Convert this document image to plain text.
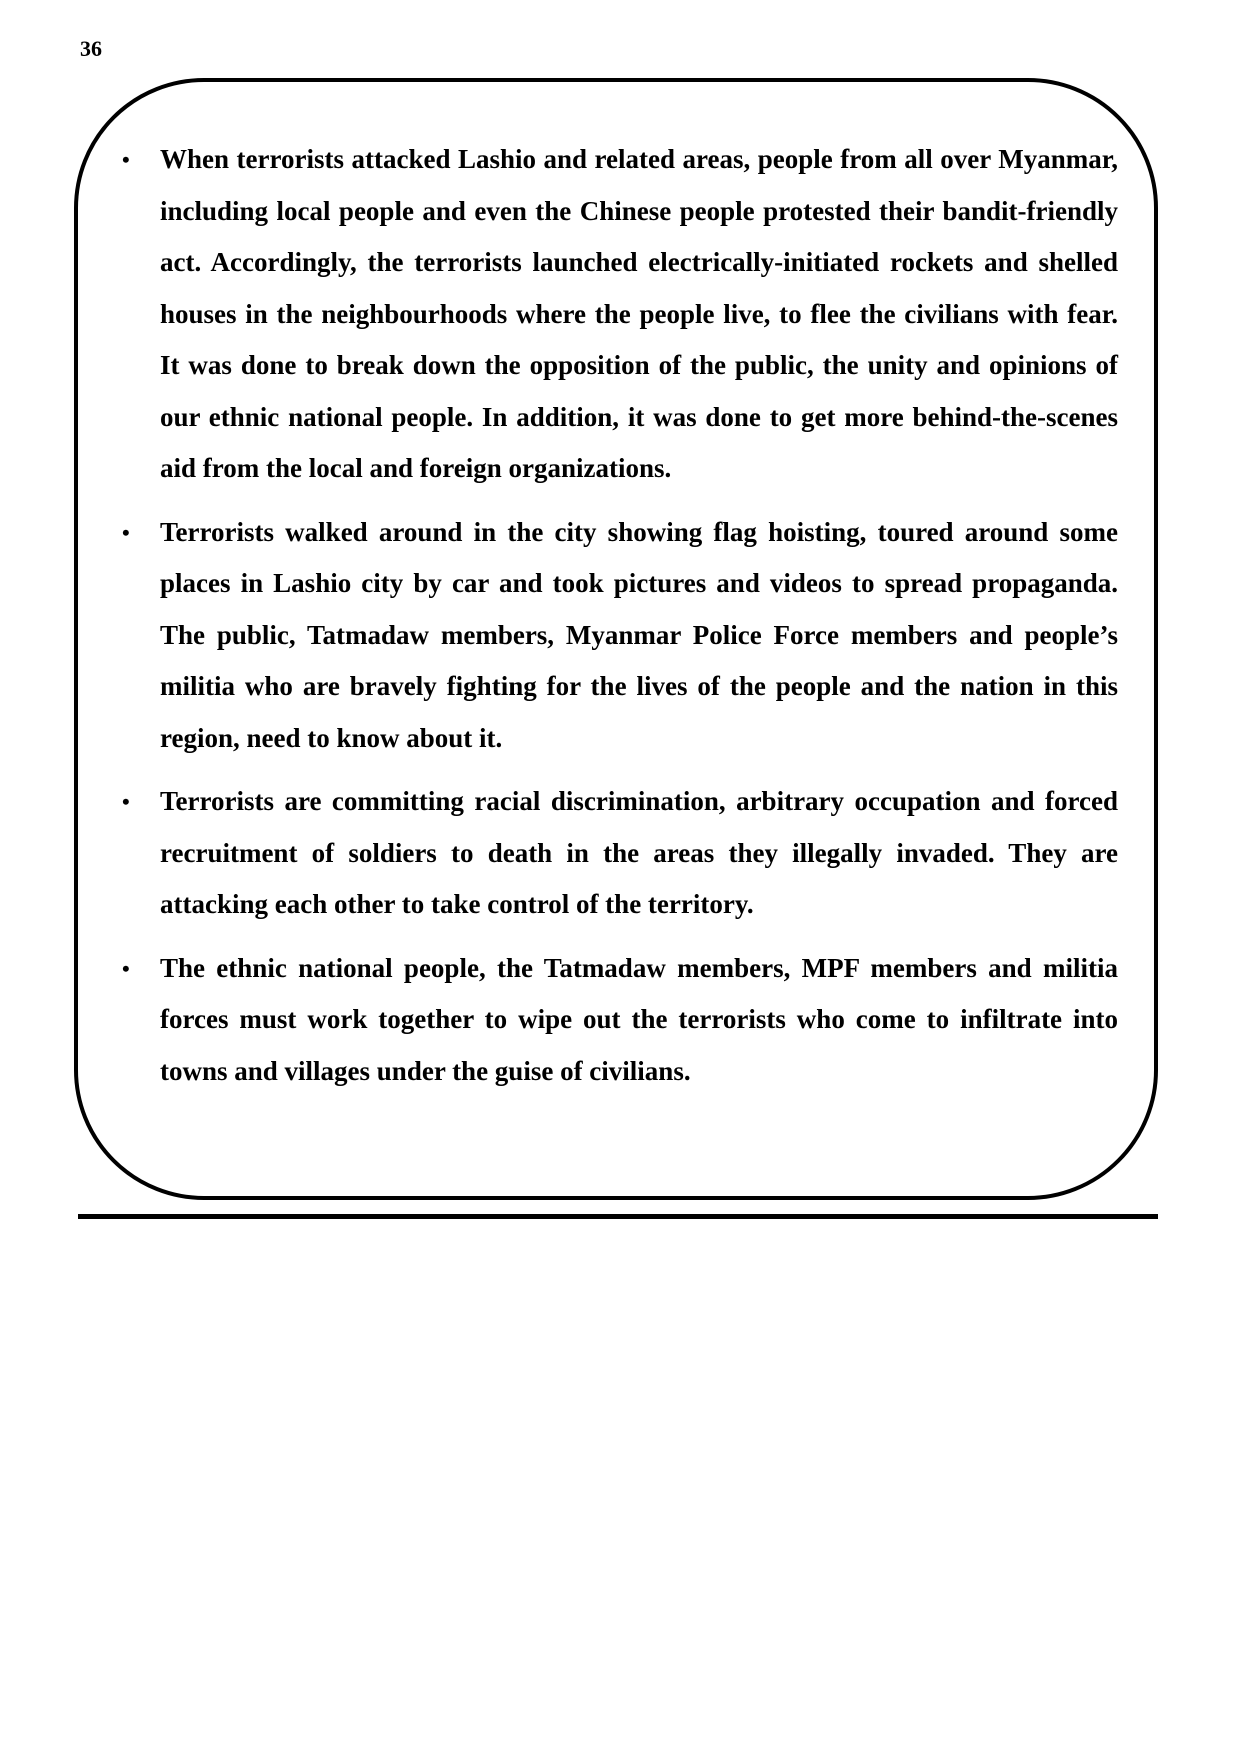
36
• When terrorists attacked Lashio and related areas, people from all over Myanmar, including local people and even the Chinese people protested their bandit-friendly act. Accordingly, the terrorists launched electrically-initiated rockets and shelled houses in the neighbourhoods where the people live, to flee the civilians with fear. It was done to break down the opposition of the public, the unity and opinions of our ethnic national people. In addition, it was done to get more behind-the-scenes aid from the local and foreign organizations.
• Terrorists walked around in the city showing flag hoisting, toured around some places in Lashio city by car and took pictures and videos to spread propaganda. The public, Tatmadaw members, Myanmar Police Force members and people’s militia who are bravely fighting for the lives of the people and the nation in this region, need to know about it.
• Terrorists are committing racial discrimination, arbitrary occupation and forced recruitment of soldiers to death in the areas they illegally invaded. They are attacking each other to take control of the territory.
• The ethnic national people, the Tatmadaw members, MPF members and militia forces must work together to wipe out the terrorists who come to infiltrate into towns and villages under the guise of civilians.
